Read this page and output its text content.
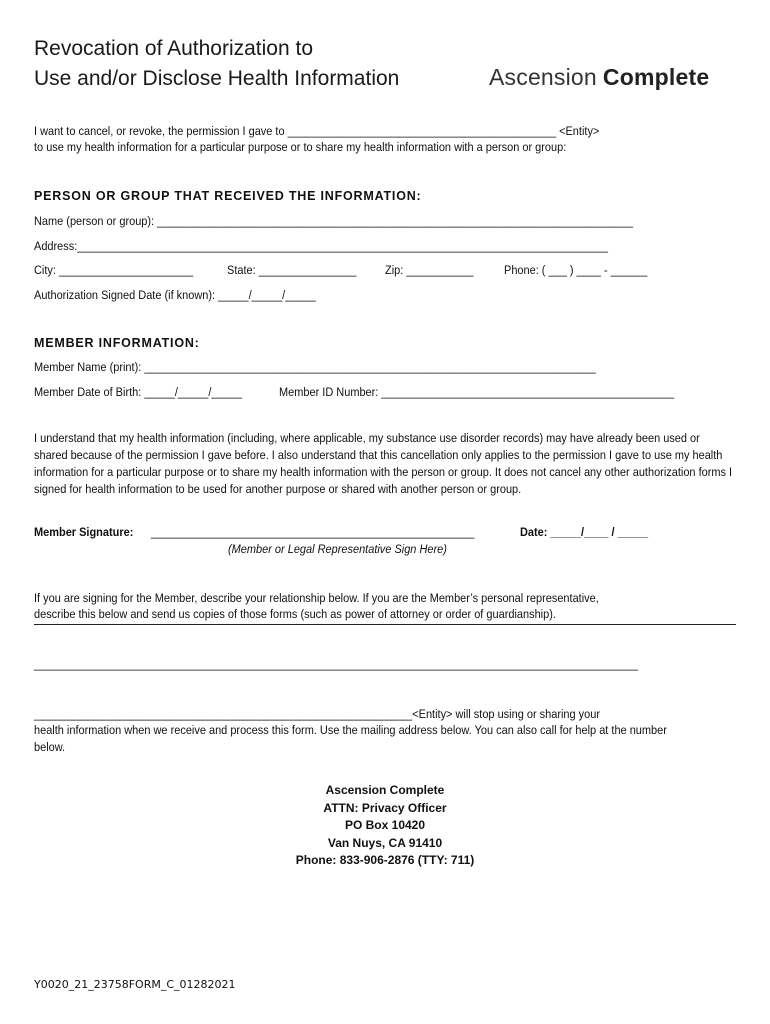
Revocation of Authorization to
Use and/or Disclose Health Information	Ascension Complete
I want to cancel, or revoke, the permission I gave to ____________________________________________ <Entity>
to use my health information for a particular purpose or to share my health information with a person or group:
PERSON OR GROUP THAT RECEIVED THE INFORMATION:
Name (person or group): ______________________________________________________________________________
Address:_______________________________________________________________________________________
City: ______________________	State: ________________ Zip: ___________	Phone: ( ___ ) ____ - ______
Authorization Signed Date (if known): _____/_____/_____
MEMBER INFORMATION:
Member Name (print): __________________________________________________________________________
Member Date of Birth: _____/_____/_____	Member ID Number: ________________________________________________
I understand that my health information (including, where applicable, my substance use disorder records) may have already been used or shared because of the permission I gave before. I also understand that this cancellation only applies to the permission I gave to use my health information for a particular purpose or to share my health information with the person or group. It does not cancel any other authorization forms I signed for health information to be used for another purpose or shared with another person or group.
Member Signature: _____________________________________________________	Date: _____/____ / _____
(Member or Legal Representative Sign Here)
If you are signing for the Member, describe your relationship below. If you are the Member’s personal representative,
describe this below and send us copies of those forms (such as power of attorney or order of guardianship).
___________________________________________________________________________________________________
______________________________________________________________<Entity> will stop using or sharing your
health information when we receive and process this form. Use the mailing address below. You can also call for help at the number
below.
Ascension Complete
ATTN: Privacy Officer
PO Box 10420
Van Nuys, CA 91410
Phone: 833-906-2876 (TTY: 711)
Y0020_21_23758FORM_C_01282021
